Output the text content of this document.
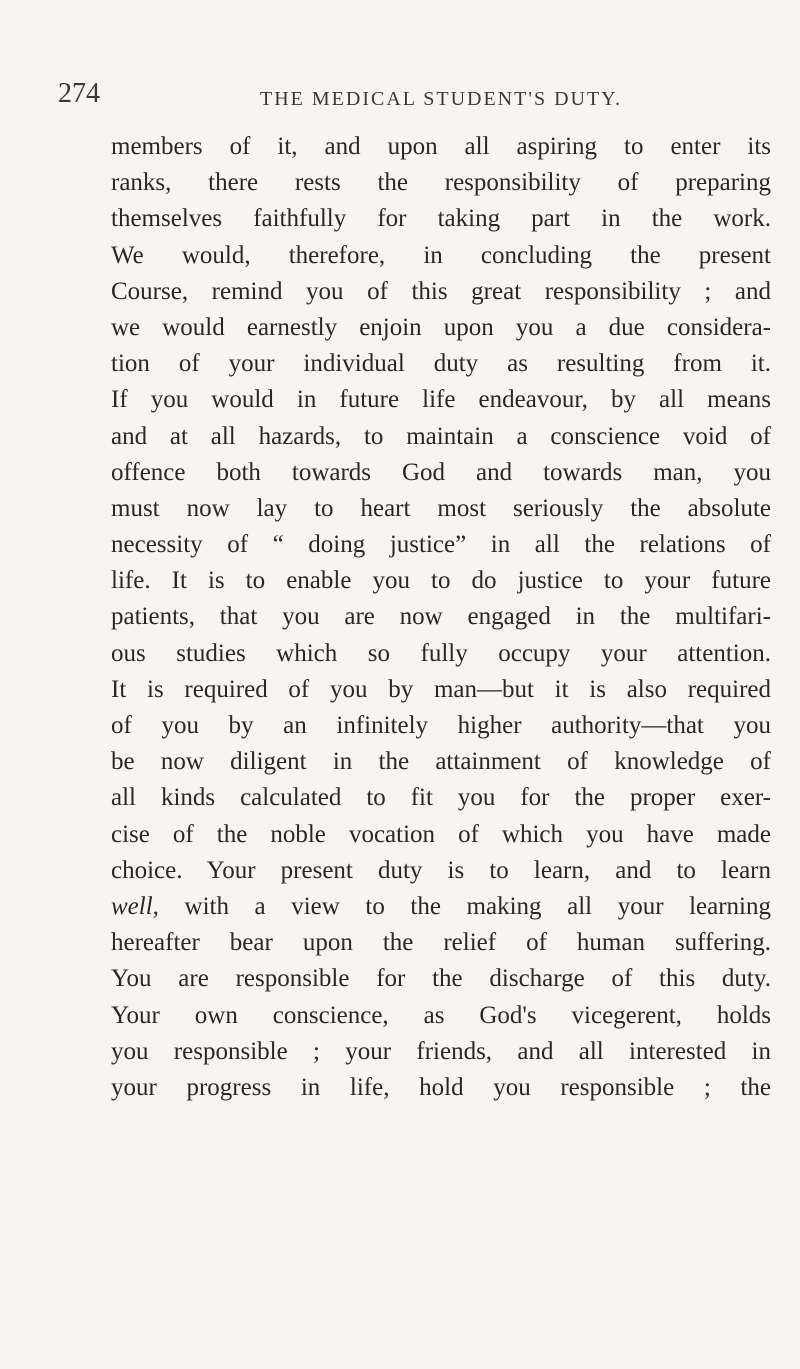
274	THE MEDICAL STUDENT'S DUTY.
members of it, and upon all aspiring to enter its
ranks, there rests the responsibility of preparing
themselves faithfully for taking part in the work.
We would, therefore, in concluding the present
Course, remind you of this great responsibility ; and
we would earnestly enjoin upon you a due considera-
tion of your individual duty as resulting from it.
If you would in future life endeavour, by all means
and at all hazards, to maintain a conscience void of
offence both towards God and towards man, you
must now lay to heart most seriously the absolute
necessity of “ doing justice” in all the relations of
life. It is to enable you to do justice to your future
patients, that you are now engaged in the multifari-
ous studies which so fully occupy your attention.
It is required of you by man—but it is also required
of you by an infinitely higher authority—that you
be now diligent in the attainment of knowledge of
all kinds calculated to fit you for the proper exer-
cise of the noble vocation of which you have made
choice. Your present duty is to learn, and to learn
well, with a view to the making all your learning
hereafter bear upon the relief of human suffering.
You are responsible for the discharge of this duty.
Your own conscience, as God's vicegerent, holds
you responsible ; your friends, and all interested in
your progress in life, hold you responsible ; the
